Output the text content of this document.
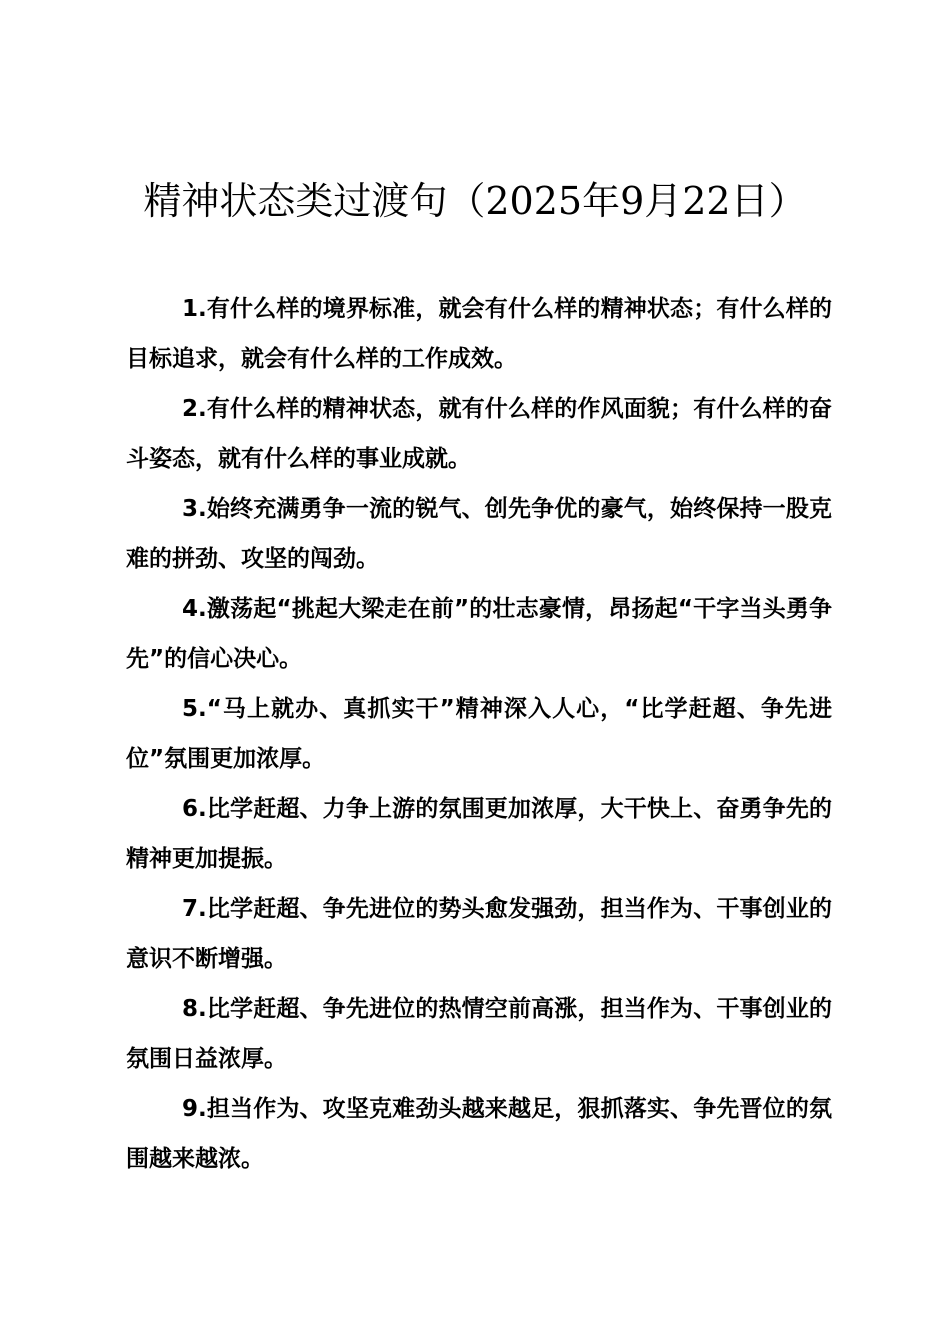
精神状态类过渡句（2025年9月22日）

1.有什么样的境界标准，就会有什么样的精神状态；有什么样的目标追求，就会有什么样的工作成效。

2.有什么样的精神状态，就有什么样的作风面貌；有什么样的奋斗姿态，就有什么样的事业成就。

3.始终充满勇争一流的锐气、创先争优的豪气，始终保持一股克难的拼劲、攻坚的闯劲。

4.激荡起“挑起大梁走在前”的壮志豪情，昂扬起“干字当头勇争先”的信心决心。

5.“马上就办、真抓实干”精神深入人心，“比学赶超、争先进位”氛围更加浓厚。

6.比学赶超、力争上游的氛围更加浓厚，大干快上、奋勇争先的精神更加提振。

7.比学赶超、争先进位的势头愈发强劲，担当作为、干事创业的意识不断增强。

8.比学赶超、争先进位的热情空前高涨，担当作为、干事创业的氛围日益浓厚。

9.担当作为、攻坚克难劲头越来越足，狠抓落实、争先晋位的氛围越来越浓。
